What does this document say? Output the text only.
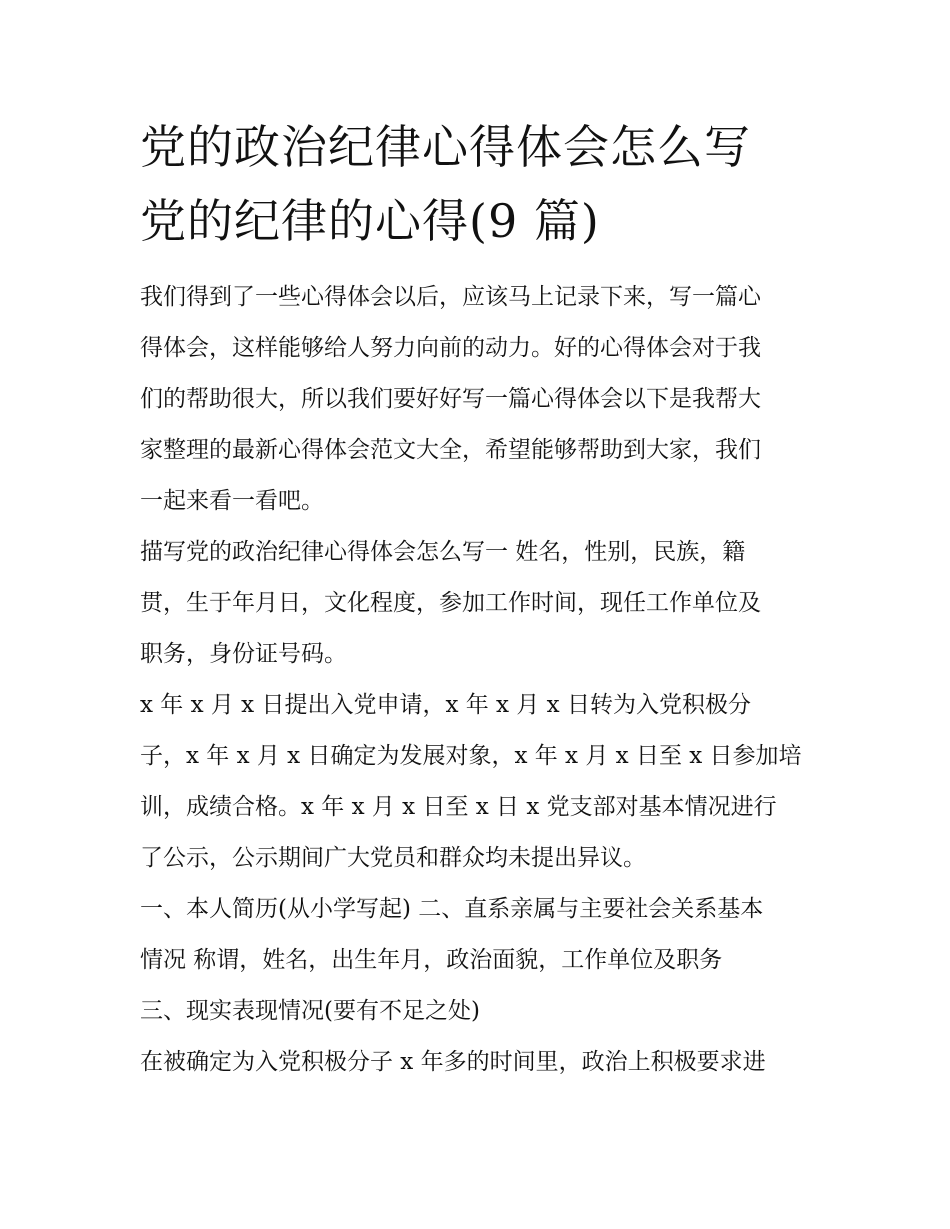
党的政治纪律心得体会怎么写
党的纪律的心得(9 篇)

我们得到了一些心得体会以后，应该马上记录下来，写一篇心
得体会，这样能够给人努力向前的动力。好的心得体会对于我
们的帮助很大，所以我们要好好写一篇心得体会以下是我帮大
家整理的最新心得体会范文大全，希望能够帮助到大家，我们
一起来看一看吧。

描写党的政治纪律心得体会怎么写一 姓名，性别，民族，籍
贯，生于年月日，文化程度，参加工作时间，现任工作单位及
职务，身份证号码。

x 年 x 月 x 日提出入党申请，x 年 x 月 x 日转为入党积极分
子，x 年 x 月 x 日确定为发展对象，x 年 x 月 x 日至 x 日参加培
训，成绩合格。x 年 x 月 x 日至 x 日 x 党支部对基本情况进行
了公示，公示期间广大党员和群众均未提出异议。

一、本人简历(从小学写起) 二、直系亲属与主要社会关系基本
情况 称谓，姓名，出生年月，政治面貌，工作单位及职务

三、现实表现情况(要有不足之处)

在被确定为入党积极分子 x 年多的时间里，政治上积极要求进
